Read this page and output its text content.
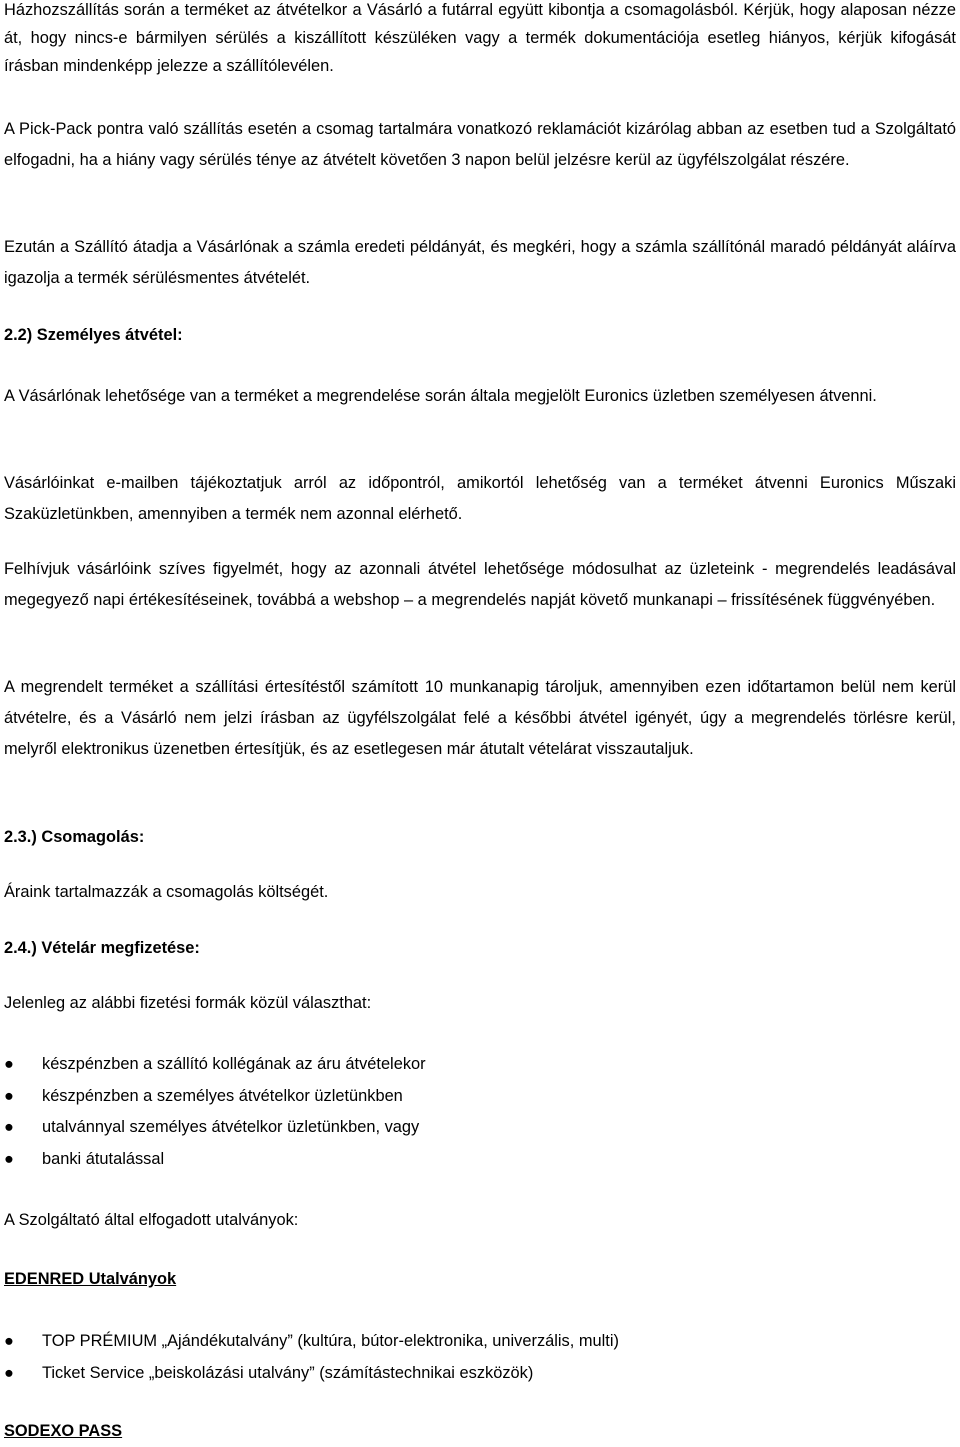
Házhozszállítás során a terméket az átvételkor a Vásárló a futárral együtt kibontja a csomagolásból. Kérjük, hogy alaposan nézze át, hogy nincs-e bármilyen sérülés a kiszállított készüléken vagy a termék dokumentációja esetleg hiányos, kérjük kifogását írásban mindenképp jelezze a szállítólevélen.

A Pick-Pack pontra való szállítás esetén a csomag tartalmára vonatkozó reklamációt kizárólag abban az esetben tud a Szolgáltató elfogadni, ha a hiány vagy sérülés ténye az átvételt követően 3 napon belül jelzésre kerül az ügyfélszolgálat részére.

Ezután a Szállító átadja a Vásárlónak a számla eredeti példányát, és megkéri, hogy a számla szállítónál maradó példányát aláírva igazolja a termék sérülésmentes átvételét.

2.2) Személyes átvétel:

A Vásárlónak lehetősége van a terméket a megrendelése során általa megjelölt Euronics üzletben személyesen átvenni.

Vásárlóinkat e-mailben tájékoztatjuk arról az időpontról, amikortól lehetőség van a terméket átvenni Euronics Műszaki Szaküzletünkben, amennyiben a termék nem azonnal elérhető.

Felhívjuk vásárlóink szíves figyelmét, hogy az azonnali átvétel lehetősége módosulhat az üzleteink - megrendelés leadásával megegyező napi értékesítéseinek, továbbá a webshop – a megrendelés napját követő munkanapi – frissítésének függvényében.

A megrendelt terméket a szállítási értesítéstől számított 10 munkanapig tároljuk, amennyiben ezen időtartamon belül nem kerül átvételre, és a Vásárló nem jelzi írásban az ügyfélszolgálat felé a későbbi átvétel igényét, úgy a megrendelés törlésre kerül, melyről elektronikus üzenetben értesítjük, és az esetlegesen már átutalt vételárat visszautaljuk.

2.3.) Csomagolás:

Áraink tartalmazzák a csomagolás költségét.

2.4.) Vételár megfizetése:

Jelenleg az alábbi fizetési formák közül választhat:

● készpénzben a szállító kollégának az áru átvételekor
● készpénzben a személyes átvételkor üzletünkben
● utalvánnyal személyes átvételkor üzletünkben, vagy
● banki átutalással

A Szolgáltató által elfogadott utalványok:

EDENRED Utalványok

● TOP PRÉMIUM „Ajándékutalvány” (kultúra, bútor-elektronika, univerzális, multi)
● Ticket Service „beiskolázási utalvány” (számítástechnikai eszközök)

SODEXO PASS
